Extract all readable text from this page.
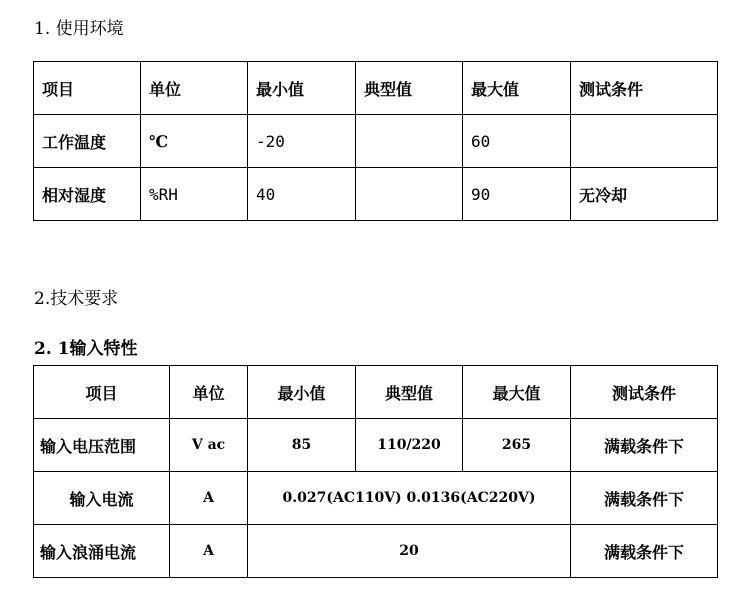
1. 使用环境
项目	单位	最小值	典型值	最大值	测试条件
工作温度	℃	-20		60	
相对湿度	%RH	40		90	无冷却
2.技术要求
2. 1输入特性
项目	单位	最小值	典型值	最大值	测试条件
输入电压范围	V ac	85	110/220	265	满载条件下
输入电流	A	0.027(AC110V) 0.0136(AC220V)			满载条件下
输入浪涌电流	A	20			满载条件下
